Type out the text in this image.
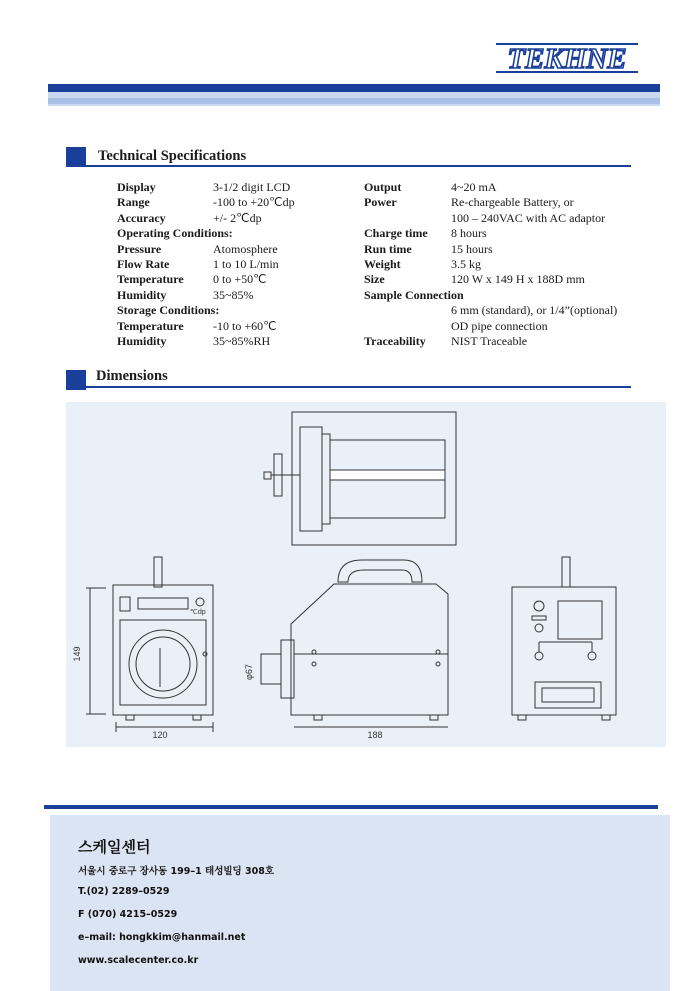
TEKHNE
Technical Specifications
Display	3-1/2 digit LCD
Range	-100 to +20℃dp
Accuracy	+/- 2℃dp
Operating Conditions:
Pressure	Atomosphere
Flow Rate	1 to 10 L/min
Temperature	0 to +50℃
Humidity	35~85%
Storage Conditions:
Temperature	-10 to +60℃
Humidity	35~85%RH
Output	4~20 mA
Power	Re-chargeable Battery, or
100 – 240VAC with AC adaptor
Charge time	8 hours
Run time	15 hours
Weight	3.5 kg
Size	120 W x 149 H x 188D mm
Sample Connection
6 mm (standard), or 1/4”(optional)
OD pipe connection
Traceability	NIST Traceable
Dimensions
149
120	188
φ67
℃dp
스케일센터
서울시 중로구 장사동 199–1 태성빌딩 308호
T.(02) 2289–0529
F (070) 4215–0529
e–mail: hongkkim@hanmail.net
www.scalecenter.co.kr
